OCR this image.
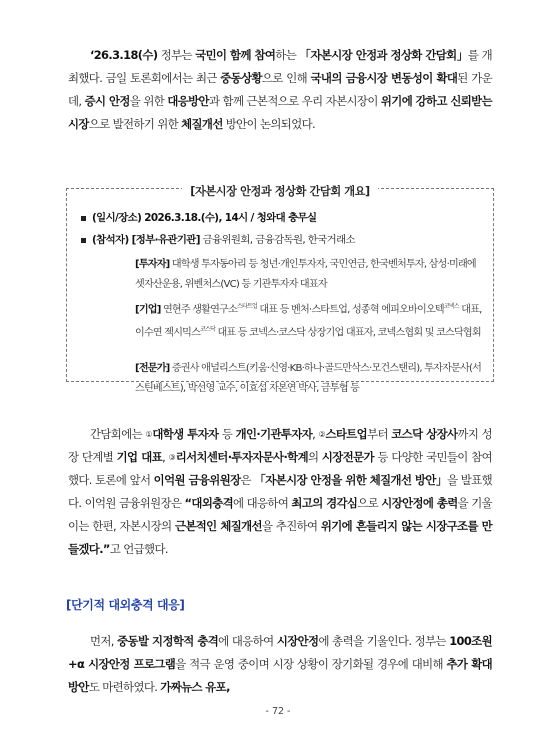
‘26.3.18(수) 정부는 국민이 함께 참여하는 「자본시장 안정과 정상화 간담회」를 개최했다. 금일 토론회에서는 최근 중동상황으로 인해 국내의 금융시장 변동성이 확대된 가운데, 증시 안정을 위한 대응방안과 함께 근본적으로 우리 자본시장이 위기에 강하고 신뢰받는 시장으로 발전하기 위한 체질개선 방안이 논의되었다.
[자본시장 안정과 정상화 간담회 개요]
(일시/장소) 2026.3.18.(수), 14시 / 청와대 충무실
(참석자) [정부·유관기관] 금융위원회, 금융감독원, 한국거래소
[투자자] 대학생 투자동아리 등 청년·개인투자자, 국민연금, 한국벤처투자, 삼성·미래에셋자산운용, 위벤처스(VC) 등 기관투자자 대표자
[기업] 연현주 생활연구소$^{스타트업}$ 대표 등 벤처·스타트업, 성종혁 에피오바이오텍$^{코넥스}$ 대표, 이수연 젝시믹스$^{코스닥}$ 대표 등 코넥스·코스닥 상장기업 대표자, 코넥스협회 및 코스닥협회
[전문가] 증권사 애널리스트(키움·신영·KB·하나·골드만삭스·모건스탠리), 투자자문사(서스틴베스트), 박선영 교수, 이효섭 자본연 박사, 금투협 등
간담회에는 ①대학생 투자자 등 개인·기관투자자, ②스타트업부터 코스닥 상장사까지 성장 단계별 기업 대표, ③리서치센터·투자자문사·학계의 시장전문가 등 다양한 국민들이 참여했다. 토론에 앞서 이억원 금융위원장은 「자본시장 안정을 위한 체질개선 방안」을 발표했다. 이억원 금융위원장은 “대외충격에 대응하여 최고의 경각심으로 시장안정에 총력을 기울이는 한편, 자본시장의 근본적인 체질개선을 추진하여 위기에 흔들리지 않는 시장구조를 만들겠다.”고 언급했다.
[단기적 대외충격 대응]
먼저, 중동발 지정학적 충격에 대응하여 시장안정에 총력을 기울인다. 정부는 100조원+α 시장안정 프로그램을 적극 운영 중이며 시장 상황이 장기화될 경우에 대비해 추가 확대 방안도 마련하였다. 가짜뉴스 유포,
- 72 -
